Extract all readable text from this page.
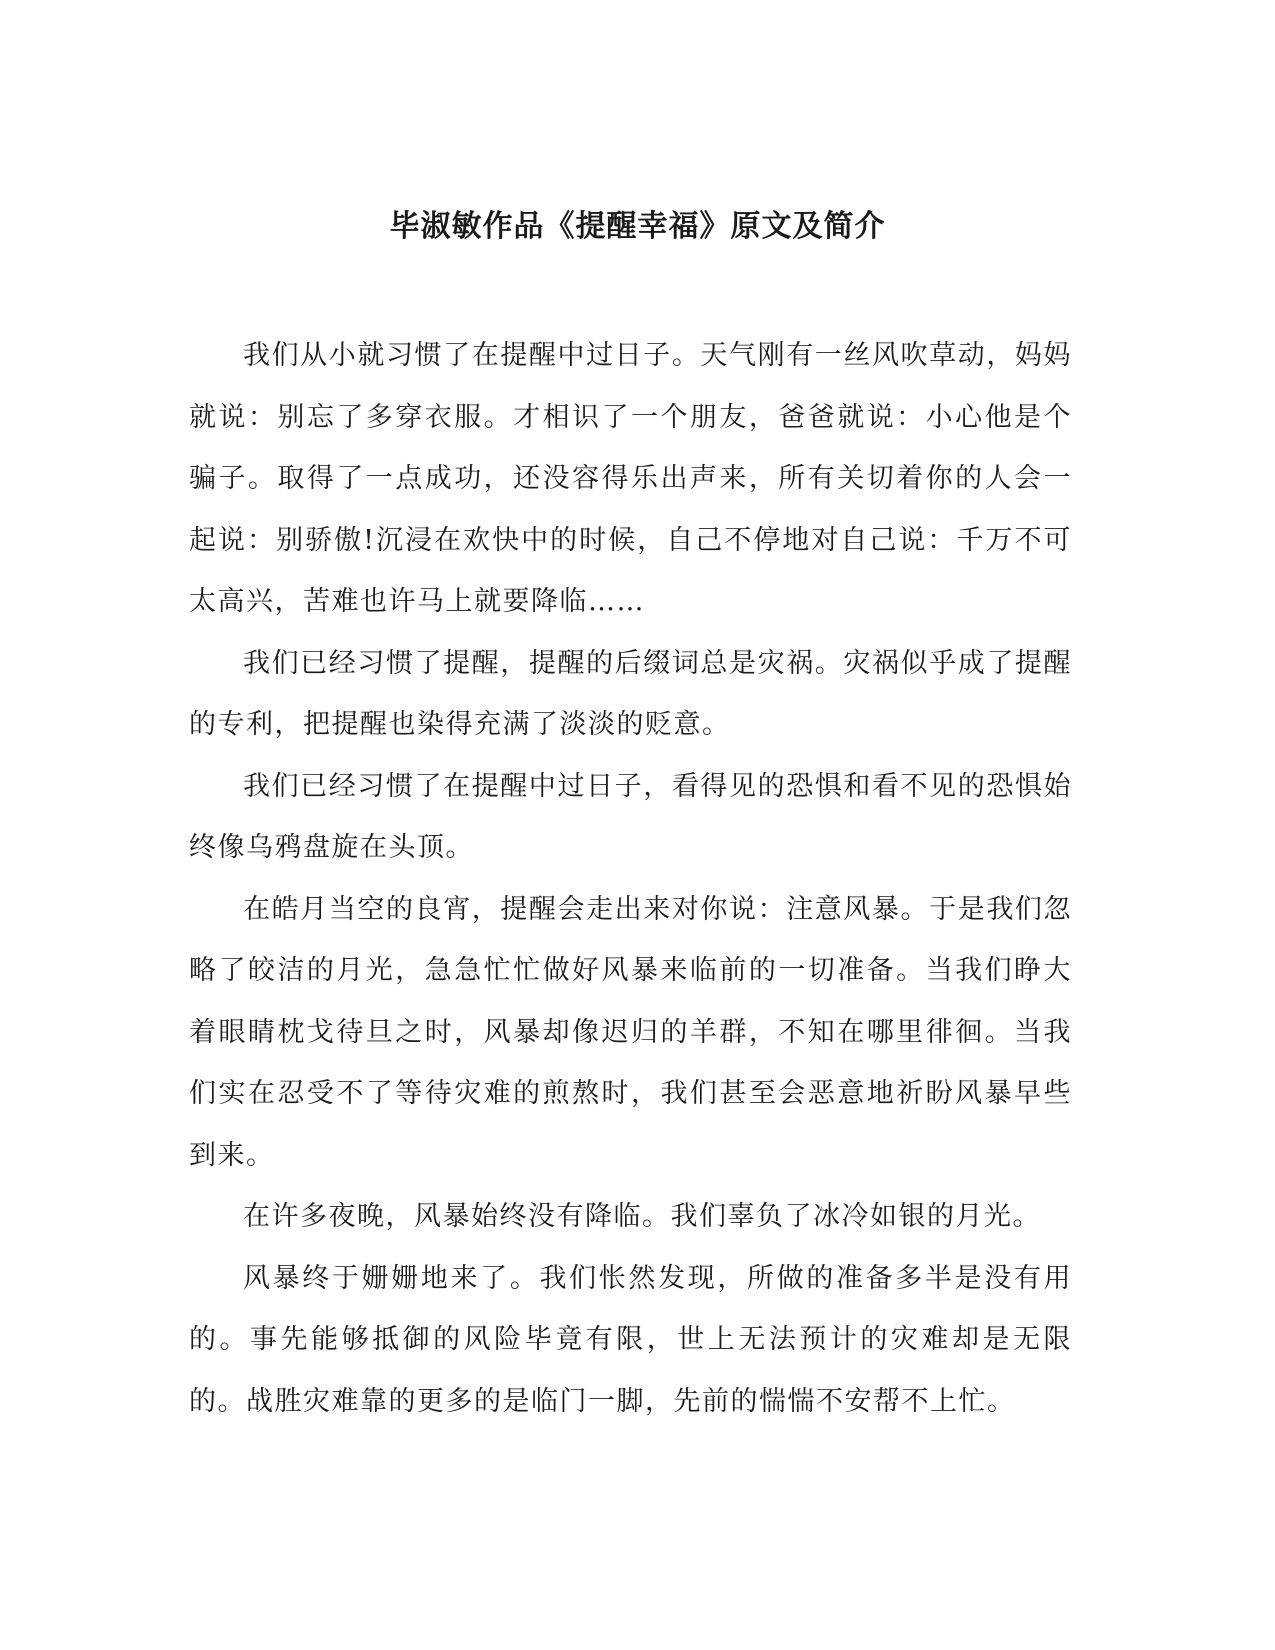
毕淑敏作品《提醒幸福》原文及简介

我们从小就习惯了在提醒中过日子。天气刚有一丝风吹草动，妈妈就说：别忘了多穿衣服。才相识了一个朋友，爸爸就说：小心他是个骗子。取得了一点成功，还没容得乐出声来，所有关切着你的人会一起说：别骄傲!沉浸在欢快中的时候，自己不停地对自己说：千万不可太高兴，苦难也许马上就要降临……

我们已经习惯了提醒，提醒的后缀词总是灾祸。灾祸似乎成了提醒的专利，把提醒也染得充满了淡淡的贬意。

我们已经习惯了在提醒中过日子，看得见的恐惧和看不见的恐惧始终像乌鸦盘旋在头顶。

在皓月当空的良宵，提醒会走出来对你说：注意风暴。于是我们忽略了皎洁的月光，急急忙忙做好风暴来临前的一切准备。当我们睁大着眼睛枕戈待旦之时，风暴却像迟归的羊群，不知在哪里徘徊。当我们实在忍受不了等待灾难的煎熬时，我们甚至会恶意地祈盼风暴早些到来。

在许多夜晚，风暴始终没有降临。我们辜负了冰冷如银的月光。

风暴终于姗姗地来了。我们怅然发现，所做的准备多半是没有用的。事先能够抵御的风险毕竟有限，世上无法预计的灾难却是无限的。战胜灾难靠的更多的是临门一脚，先前的惴惴不安帮不上忙。
